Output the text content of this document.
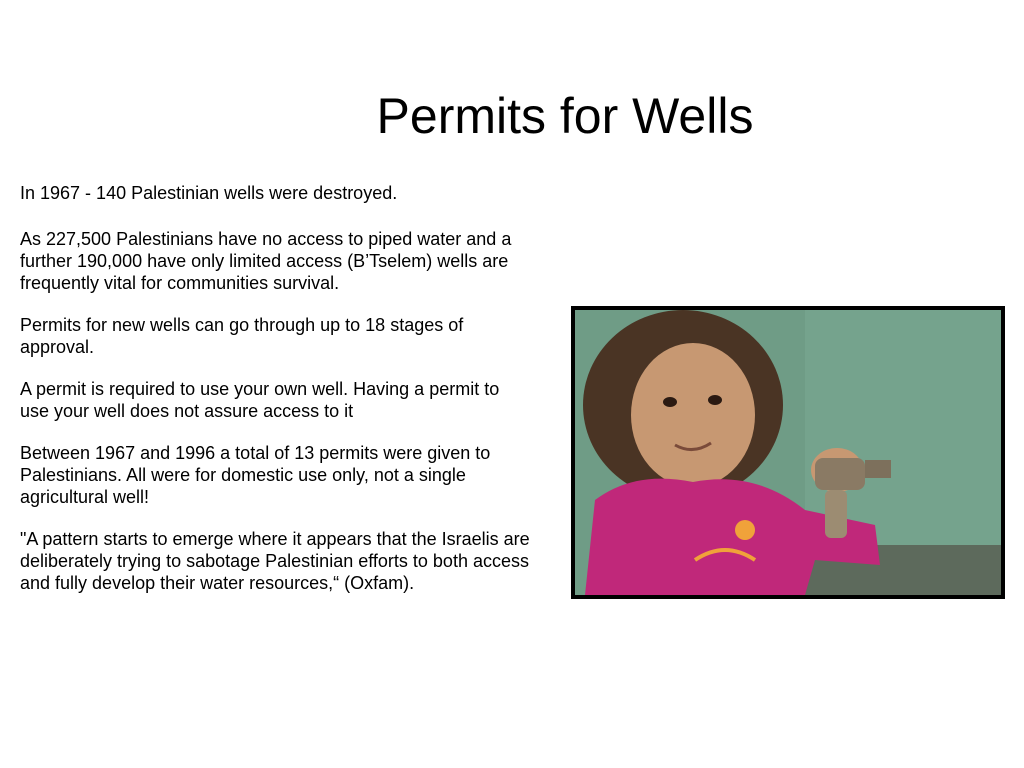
Permits for Wells

In 1967 - 140 Palestinian wells were destroyed.

As 227,500 Palestinians have no access to piped water and a further 190,000 have only limited access (B’Tselem) wells are frequently vital for communities survival.

Permits for new wells can go through up to 18 stages of approval.

A permit is required to use your own well. Having a permit to use your well does not assure access to it

Between 1967 and 1996 a total of 13 permits were given to Palestinians. All were for domestic use only, not a single agricultural well!

"A pattern starts to emerge where it appears that the Israelis are deliberately trying to sabotage Palestinian efforts to both access and fully develop their water resources,“ (Oxfam).
